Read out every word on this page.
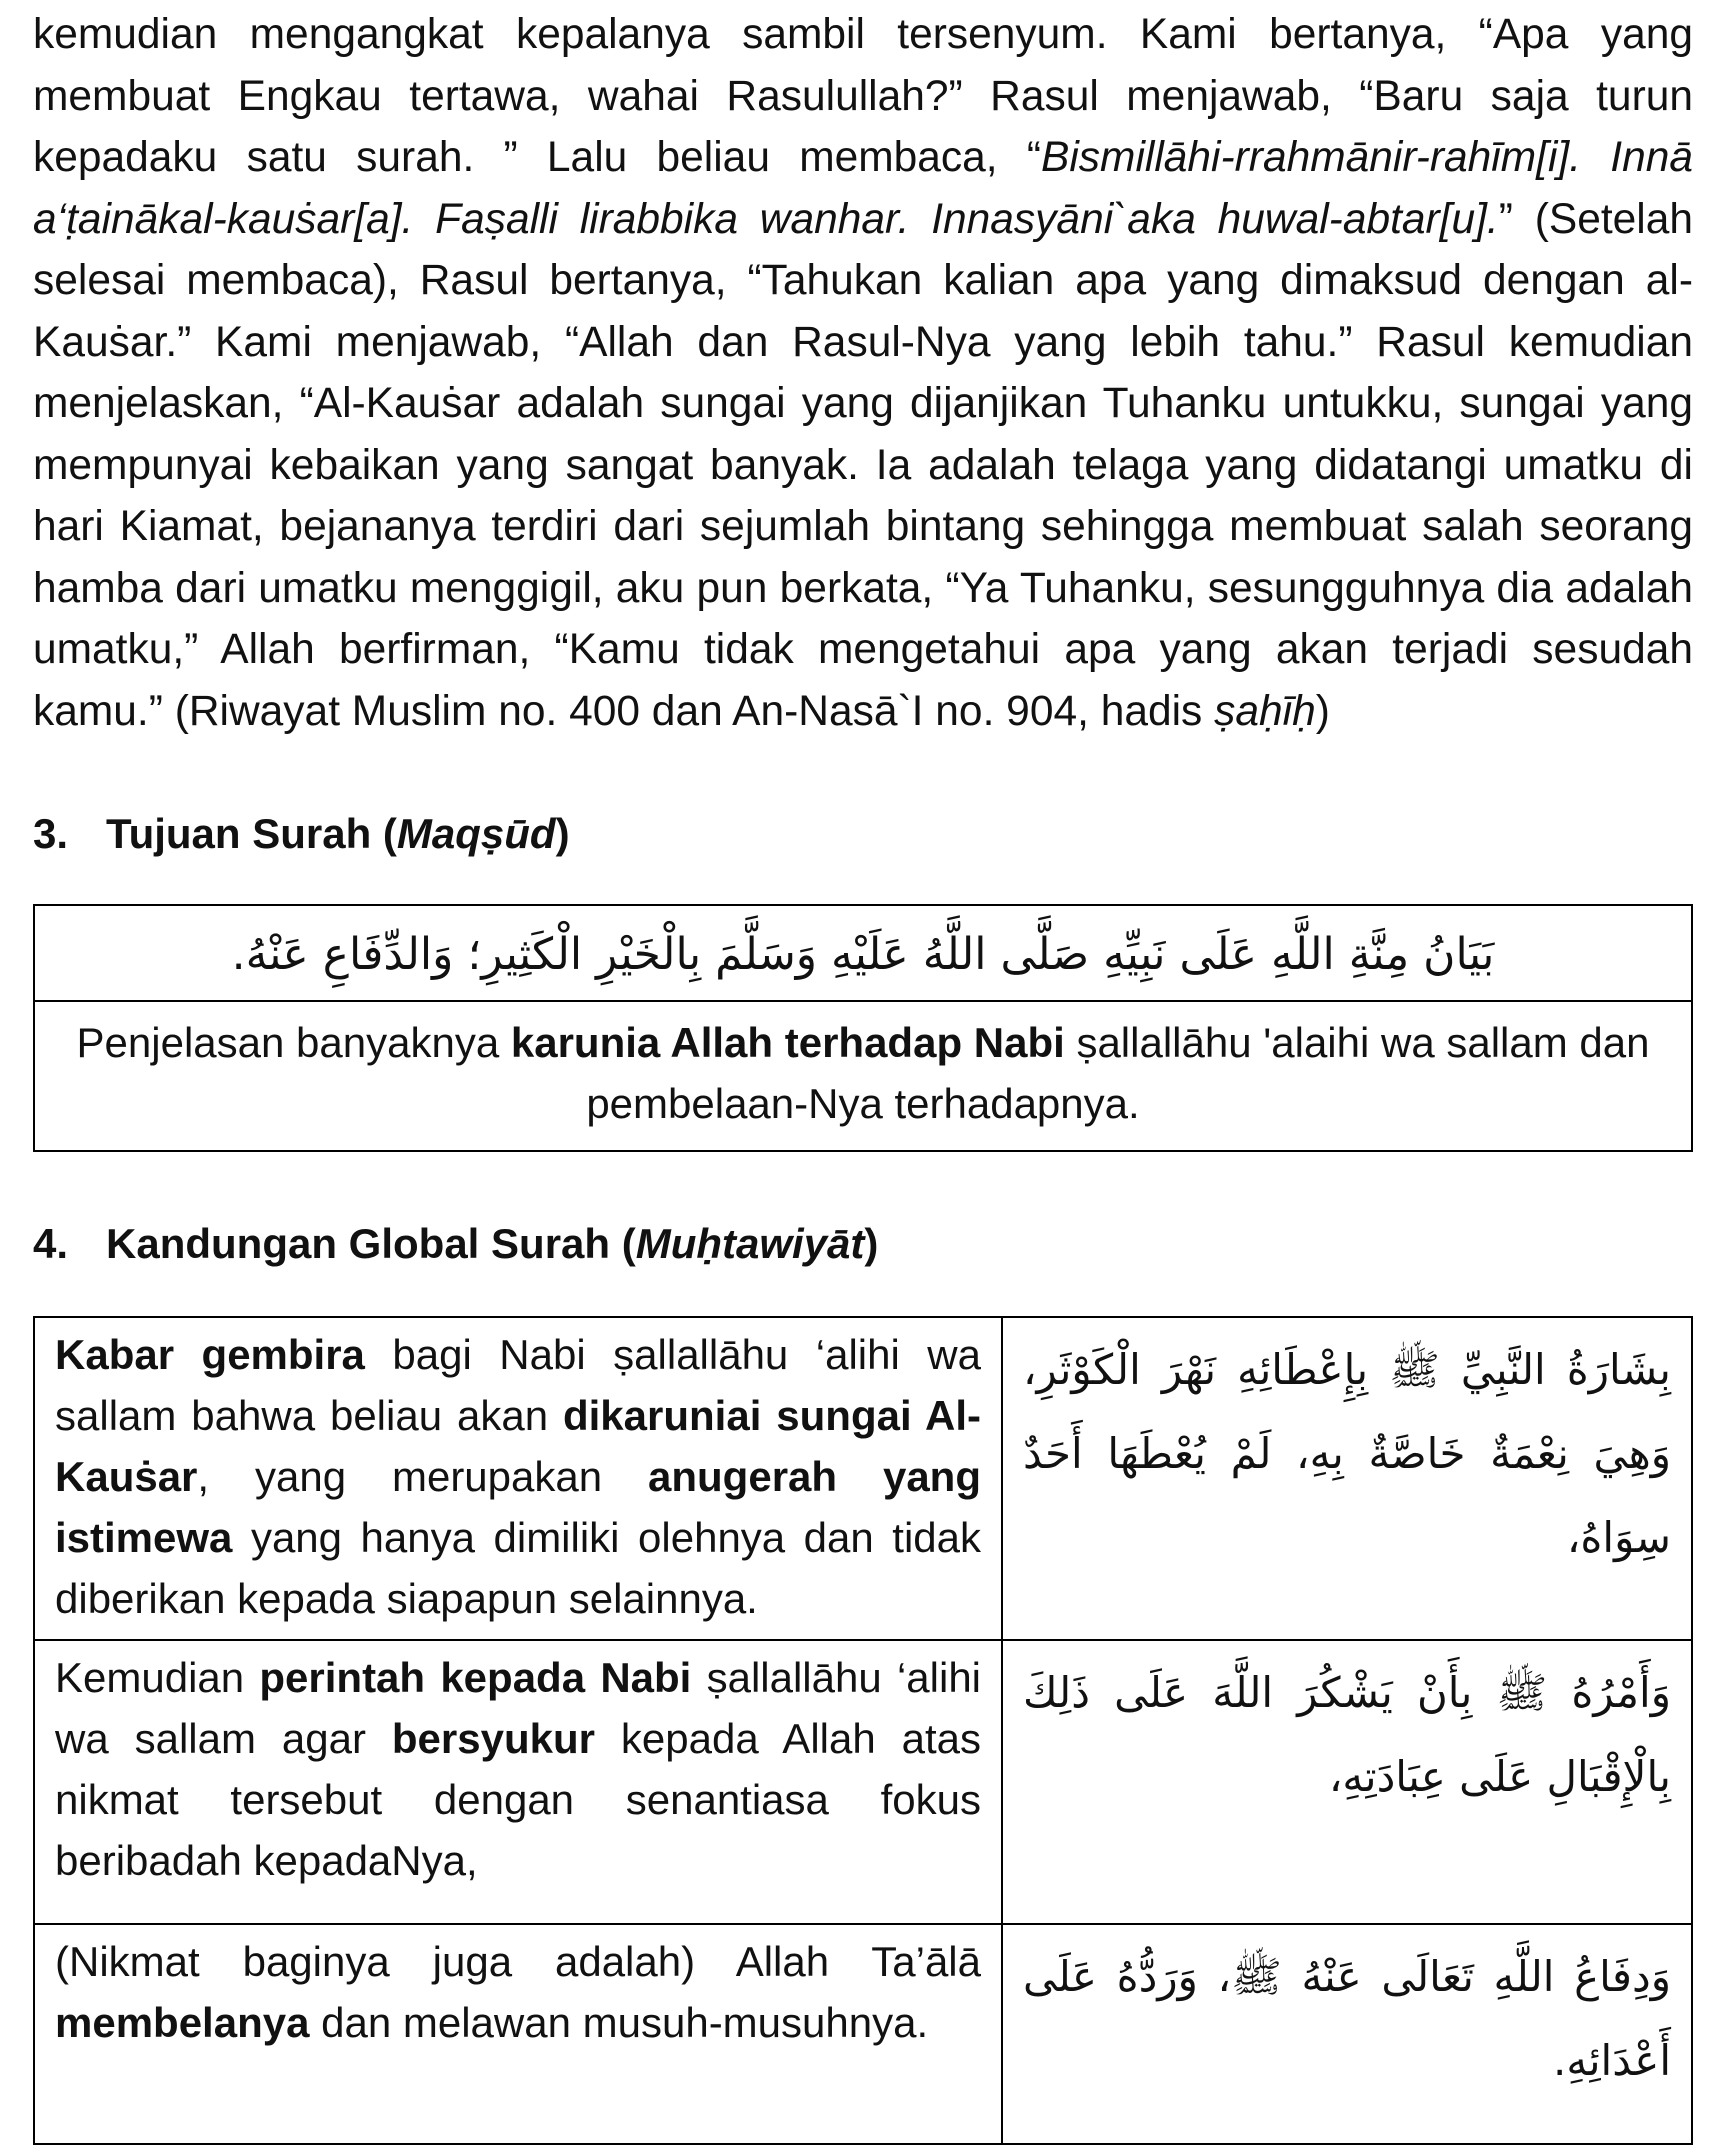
kemudian mengangkat kepalanya sambil tersenyum. Kami bertanya, “Apa yang membuat Engkau tertawa, wahai Rasulullah?” Rasul menjawab, “Baru saja turun kepadaku satu surah. ” Lalu beliau membaca, “Bismillāhi-rrahmānir-rahīm[i]. Innā a‘ṭainākal-kauṡar[a]. Faṣalli lirabbika wanhar. Innasyāni`aka huwal-abtar[u].” (Setelah selesai membaca), Rasul bertanya, “Tahukan kalian apa yang dimaksud dengan al-Kauṡar.” Kami menjawab, “Allah dan Rasul-Nya yang lebih tahu.” Rasul kemudian menjelaskan, “Al-Kauṡar adalah sungai yang dijanjikan Tuhanku untukku, sungai yang mempunyai kebaikan yang sangat banyak. Ia adalah telaga yang didatangi umatku di hari Kiamat, bejananya terdiri dari sejumlah bintang sehingga membuat salah seorang hamba dari umatku menggigil, aku pun berkata, “Ya Tuhanku, sesungguhnya dia adalah umatku,” Allah berfirman, “Kamu tidak mengetahui apa yang akan terjadi sesudah kamu.” (Riwayat Muslim no. 400 dan An-Nasā`I no. 904, hadis ṣaḥīḥ)

3. Tujuan Surah (Maqṣūd)
بَيَانُ مِنَّةِ اللَّهِ عَلَى نَبِيِّهِ صَلَّى اللَّهُ عَلَيْهِ وَسَلَّمَ بِالْخَيْرِ الْكَثِيرِ؛ وَالدِّفَاعِ عَنْهُ.
Penjelasan banyaknya karunia Allah terhadap Nabi ṣallallāhu 'alaihi wa sallam dan pembelaan-Nya terhadapnya.
4. Kandungan Global Surah (Muḥtawiyāt)
Kabar gembira bagi Nabi ṣallallāhu ‘alihi wa sallam bahwa beliau akan dikaruniai sungai Al-Kauṡar, yang merupakan anugerah yang istimewa yang hanya dimiliki olehnya dan tidak diberikan kepada siapapun selainnya.	بِشَارَةُ النَّبِيِّ ﷺ بِإِعْطَائِهِ نَهْرَ الْكَوْثَرِ، وَهِيَ نِعْمَةٌ خَاصَّةٌ بِهِ، لَمْ يُعْطَهَا أَحَدٌ سِوَاهُ،
Kemudian perintah kepada Nabi ṣallallāhu ‘alihi wa sallam agar bersyukur kepada Allah atas nikmat tersebut dengan senantiasa fokus beribadah kepadaNya,	وَأَمْرُهُ ﷺ بِأَنْ يَشْكُرَ اللَّهَ عَلَى ذَلِكَ بِالْإِقْبَالِ عَلَى عِبَادَتِهِ،
(Nikmat baginya juga adalah) Allah Ta’ālā membelanya dan melawan musuh-musuhnya.	وَدِفَاعُ اللَّهِ تَعَالَى عَنْهُ ﷺ، وَرَدُّهُ عَلَى أَعْدَائِهِ.
